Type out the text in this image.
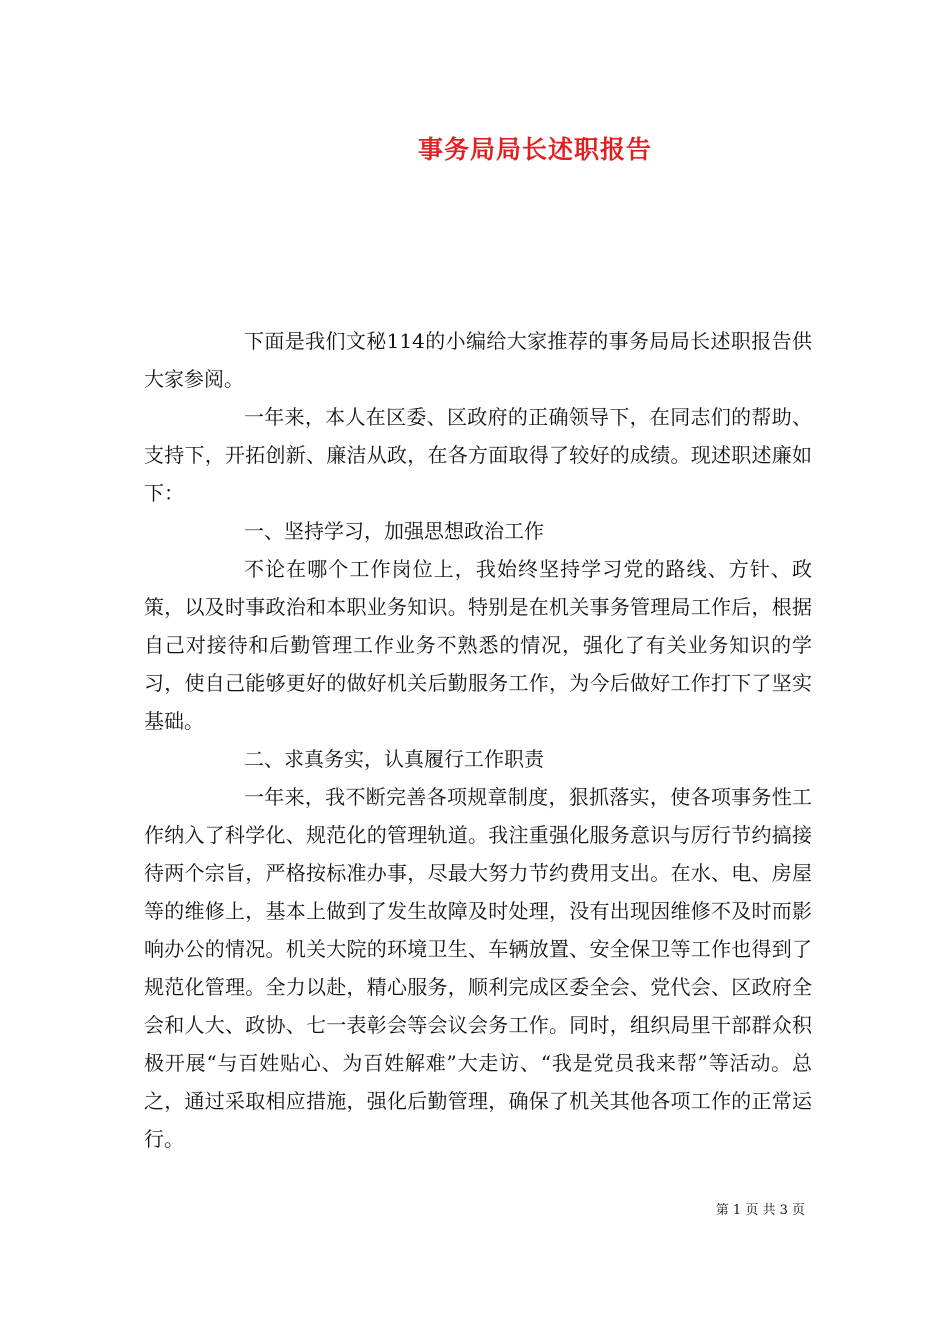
事务局局长述职报告

下面是我们文秘114的小编给大家推荐的事务局局长述职报告供大家参阅。

一年来，本人在区委、区政府的正确领导下，在同志们的帮助、支持下，开拓创新、廉洁从政，在各方面取得了较好的成绩。现述职述廉如下：

一、坚持学习，加强思想政治工作

不论在哪个工作岗位上，我始终坚持学习党的路线、方针、政策，以及时事政治和本职业务知识。特别是在机关事务管理局工作后，根据自己对接待和后勤管理工作业务不熟悉的情况，强化了有关业务知识的学习，使自己能够更好的做好机关后勤服务工作，为今后做好工作打下了坚实基础。

二、求真务实，认真履行工作职责

一年来，我不断完善各项规章制度，狠抓落实，使各项事务性工作纳入了科学化、规范化的管理轨道。我注重强化服务意识与厉行节约搞接待两个宗旨，严格按标准办事，尽最大努力节约费用支出。在水、电、房屋等的维修上，基本上做到了发生故障及时处理，没有出现因维修不及时而影响办公的情况。机关大院的环境卫生、车辆放置、安全保卫等工作也得到了规范化管理。全力以赴，精心服务，顺利完成区委全会、党代会、区政府全会和人大、政协、七一表彰会等会议会务工作。同时，组织局里干部群众积极开展“与百姓贴心、为百姓解难”大走访、“我是党员我来帮”等活动。总之，通过采取相应措施，强化后勤管理，确保了机关其他各项工作的正常运行。

第 1 页 共 3 页
